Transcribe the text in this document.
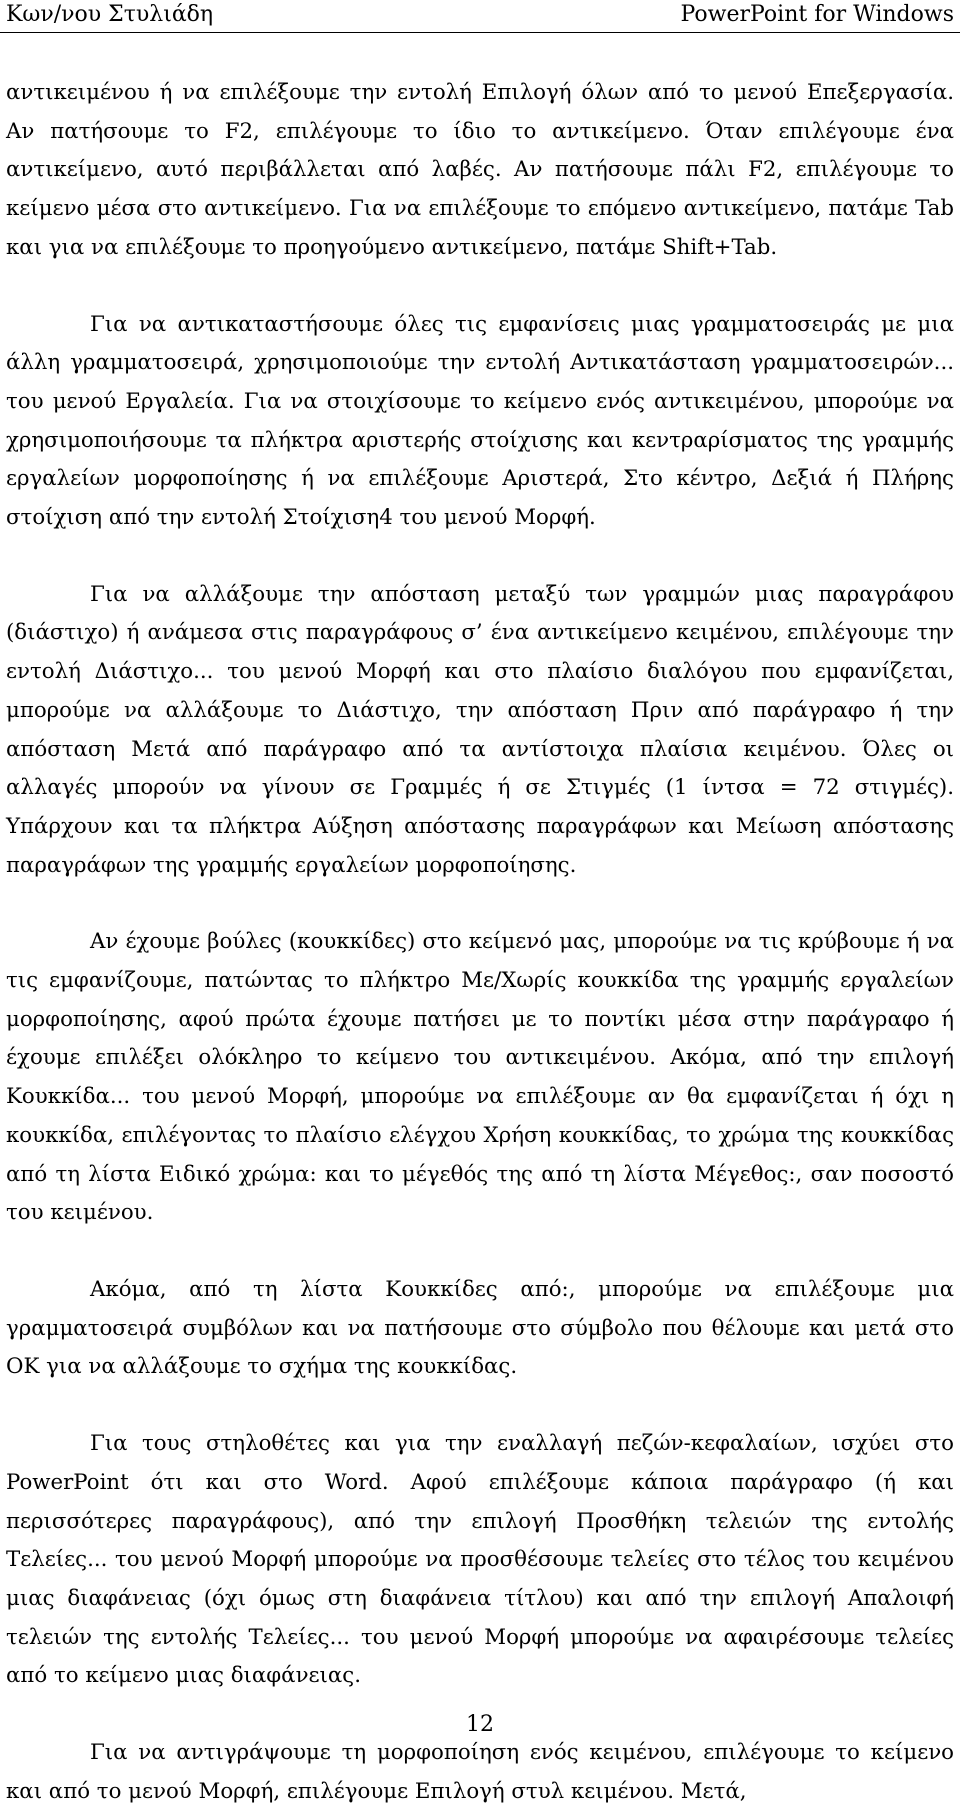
Κων/νου Στυλιάδη	PowerPoint for Windows

αντικειμένου ή να επιλέξουμε την εντολή Επιλογή όλων από το μενού Επεξεργασία. Αν πατήσουμε το F2, επιλέγουμε το ίδιο το αντικείμενο. Όταν επιλέγουμε ένα αντικείμενο, αυτό περιβάλλεται από λαβές. Αν πατήσουμε πάλι F2, επιλέγουμε το κείμενο μέσα στο αντικείμενο. Για να επιλέξουμε το επόμενο αντικείμενο, πατάμε Tab και για να επιλέξουμε το προηγούμενο αντικείμενο, πατάμε Shift+Tab.

Για να αντικαταστήσουμε όλες τις εμφανίσεις μιας γραμματοσειράς με μια άλλη γραμματοσειρά, χρησιμοποιούμε την εντολή Αντικατάσταση γραμματοσειρών... του μενού Εργαλεία. Για να στοιχίσουμε το κείμενο ενός αντικειμένου, μπορούμε να χρησιμοποιήσουμε τα πλήκτρα αριστερής στοίχισης και κεντραρίσματος της γραμμής εργαλείων μορφοποίησης ή να επιλέξουμε Αριστερά, Στο κέντρο, Δεξιά ή Πλήρης στοίχιση από την εντολή Στοίχιση4 του μενού Μορφή.

Για να αλλάξουμε την απόσταση μεταξύ των γραμμών μιας παραγράφου (διάστιχο) ή ανάμεσα στις παραγράφους σ’ ένα αντικείμενο κειμένου, επιλέγουμε την εντολή Διάστιχο... του μενού Μορφή και στο πλαίσιο διαλόγου που εμφανίζεται, μπορούμε να αλλάξουμε το Διάστιχο, την απόσταση Πριν από παράγραφο ή την απόσταση Μετά από παράγραφο από τα αντίστοιχα πλαίσια κειμένου. Όλες οι αλλαγές μπορούν να γίνουν σε Γραμμές ή σε Στιγμές (1 ίντσα = 72 στιγμές). Υπάρχουν και τα πλήκτρα Αύξηση απόστασης παραγράφων και Μείωση απόστασης παραγράφων της γραμμής εργαλείων μορφοποίησης.

Αν έχουμε βούλες (κουκκίδες) στο κείμενό μας, μπορούμε να τις κρύβουμε ή να τις εμφανίζουμε, πατώντας το πλήκτρο Με/Χωρίς κουκκίδα της γραμμής εργαλείων μορφοποίησης, αφού πρώτα έχουμε πατήσει με το ποντίκι μέσα στην παράγραφο ή έχουμε επιλέξει ολόκληρο το κείμενο του αντικειμένου. Ακόμα, από την επιλογή Κουκκίδα... του μενού Μορφή, μπορούμε να επιλέξουμε αν θα εμφανίζεται ή όχι η κουκκίδα, επιλέγοντας το πλαίσιο ελέγχου Χρήση κουκκίδας, το χρώμα της κουκκίδας από τη λίστα Ειδικό χρώμα: και το μέγεθός της από τη λίστα Μέγεθος:, σαν ποσοστό του κειμένου.

Ακόμα, από τη λίστα Κουκκίδες από:, μπορούμε να επιλέξουμε μια γραμματοσειρά συμβόλων και να πατήσουμε στο σύμβολο που θέλουμε και μετά στο OK για να αλλάξουμε το σχήμα της κουκκίδας.

Για τους στηλοθέτες και για την εναλλαγή πεζών-κεφαλαίων, ισχύει στο PowerPoint ότι και στο Word. Αφού επιλέξουμε κάποια παράγραφο (ή και περισσότερες παραγράφους), από την επιλογή Προσθήκη τελειών της εντολής Τελείες... του μενού Μορφή μπορούμε να προσθέσουμε τελείες στο τέλος του κειμένου μιας διαφάνειας (όχι όμως στη διαφάνεια τίτλου) και από την επιλογή Απαλοιφή τελειών της εντολής Τελείες... του μενού Μορφή μπορούμε να αφαιρέσουμε τελείες από το κείμενο μιας διαφάνειας.

Για να αντιγράψουμε τη μορφοποίηση ενός κειμένου, επιλέγουμε το κείμενο και από το μενού Μορφή, επιλέγουμε Επιλογή στυλ κειμένου. Μετά,

12
